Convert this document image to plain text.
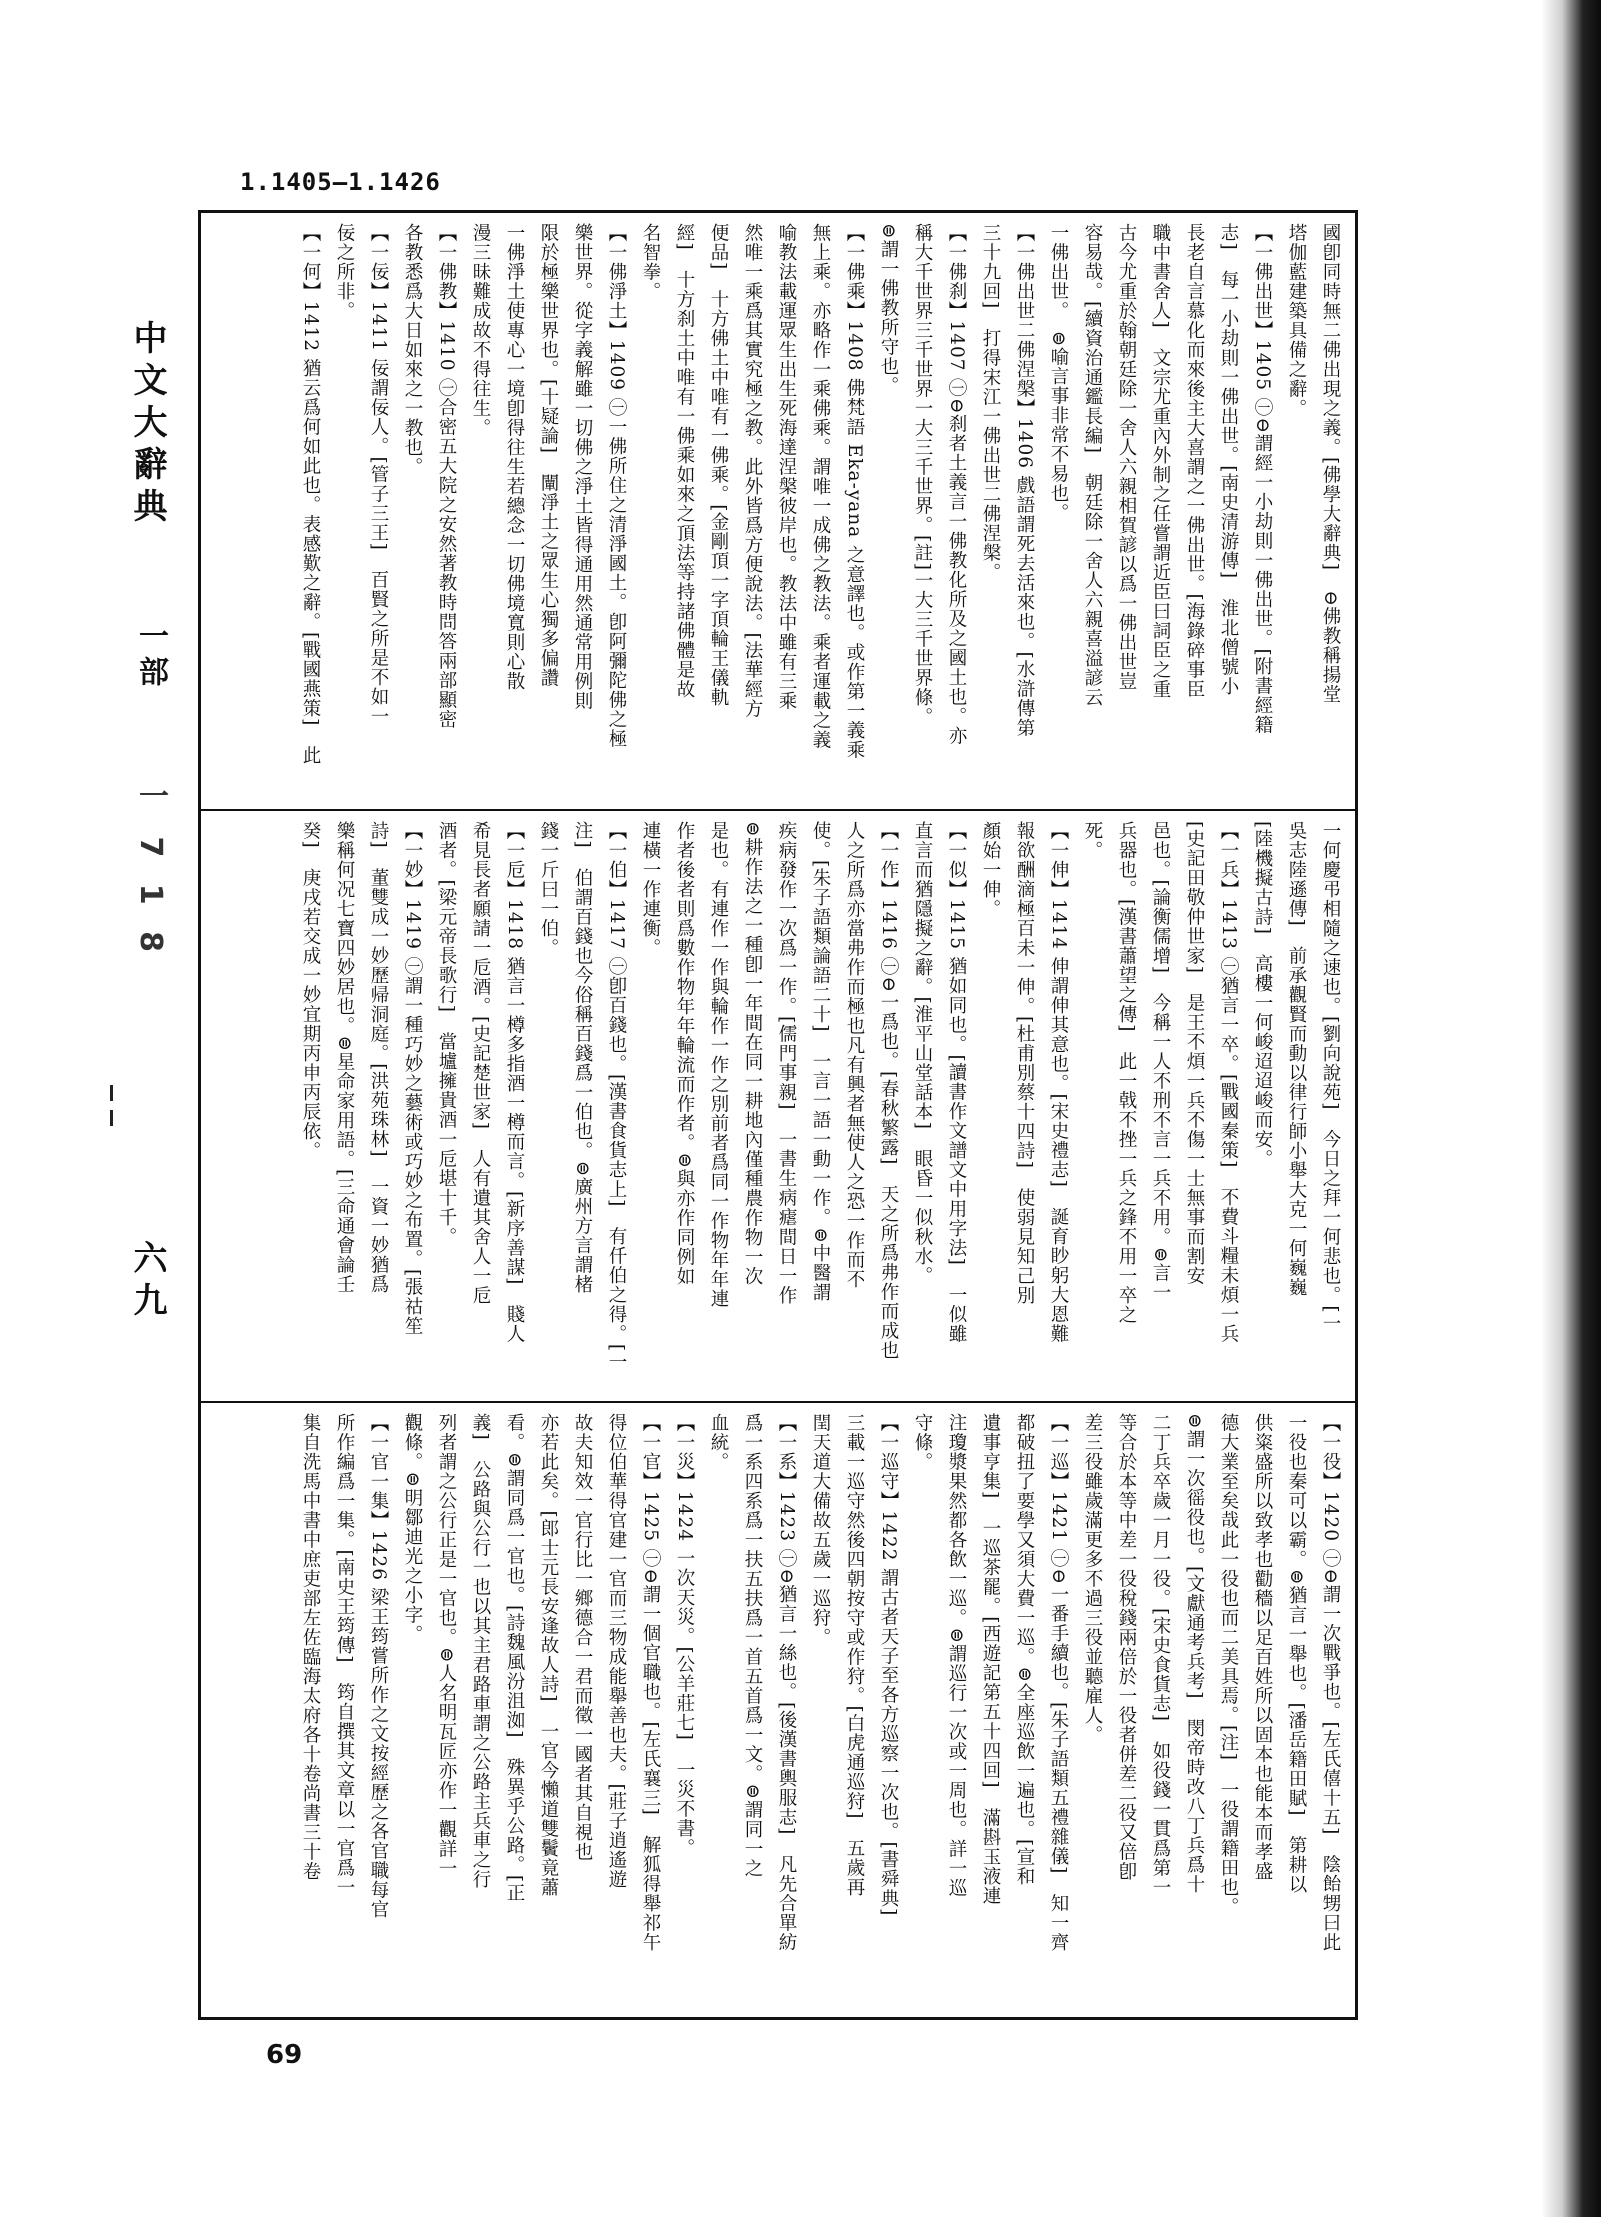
1.1405—1.1426
中文大辭典
一部
一 7 1 8
六九
國卽同時無二佛出現之義。[佛學大辭典]　⊖佛教稱揚堂
塔伽藍建築具備之辭。
【一佛出世】1405 ㊀⊖謂經一小劫則一佛出世。[附書經籍
志]　每一小劫則一佛出世。[南史清游傳]　淮北僧號小
長老自言慕化而來後主大喜謂之一佛出世。[海錄碎事臣
職中書舍人]　文宗尤重內外制之任嘗謂近臣曰詞臣之重
古今尤重於翰朝廷除一舍人六親相賀諺以爲一佛出世豈
容易哉。[續資治通鑑長編]　朝廷除一舍人六親喜溢諺云
一佛出世。　⊜喻言事非常不易也。
【一佛出世二佛涅槃】1406 戲語謂死去活來也。[水滸傳第
三十九回]　打得宋江一佛出世二佛涅槃。
【一佛刹】1407 ㊀⊖刹者土義言一佛教化所及之國土也。亦
稱大千世界三千世界一大三千世界。[註]一大三千世界條。
⊜謂一佛教所守也。
【一佛乘】1408 佛梵語 Eka-yana 之意譯也。或作第一義乘
無上乘。亦略作一乘佛乘。謂唯一成佛之教法。乘者運載之義
喻教法載運眾生出生死海達涅槃彼岸也。教法中雖有三乘
然唯一乘爲其實究極之教。此外皆爲方便說法。[法華經方
便品]　十方佛土中唯有一佛乘。[金剛頂一字頂輪王儀軌
經]　十方刹土中唯有一佛乘如來之頂法等持諸佛體是故
名智拳。
【一佛淨土】1409 ㊀一佛所住之清淨國土。卽阿彌陀佛之極
樂世界。從字義解雖一切佛之淨土皆得通用然通常用例則
限於極樂世界也。[十疑論]　闡淨土之眾生心獨多偏讚
一佛淨土使專心一境卽得往生若總念一切佛境寬則心散
漫三昧難成故不得往生。
【一佛教】1410 ㊀合密五大院之安然著教時問答兩部顯密
各教悉爲大日如來之一教也。
【一佞】1411 佞謂佞人。[管子三王]　百賢之所是不如一
佞之所非。
【一何】1412 猶云爲何如此也。表感歎之辭。[戰國燕策]　此
一何慶弔相隨之速也。[劉向說苑]　今日之拜一何悲也。[一
吳志陸遜傳]　前承觀賢而動以律行師小舉大克一何巍巍
[陸機擬古詩]　高樓一何峻迢迢峻而安。
【一兵】1413 ㊀猶言一卒。[戰國秦策]　不費斗糧未煩一兵
[史記田敬仲世家]　是王不煩一兵不傷一士無事而割安
邑也。[論衡儒增]　今稱一人不刑不言一兵不用。⊜言一
兵器也。[漢書蕭望之傳]　此一戟不挫一兵之鋒不用一卒之
死。
【一伸】1414 伸謂伸其意也。[宋史禮志]　誕育眇躬大恩難
報欲酬滴極百未一伸。[杜甫別蔡十四詩]　使弱見知己別
顏始一伸。
【一似】1415 猶如同也。[讀書作文譜文中用字法]　一似雖
直言而猶隱擬之辭。[淮平山堂話本]　眼昏一似秋水。
【一作】1416 ㊀⊖一爲也。[春秋繁露]　天之所爲弗作而成也
人之所爲亦當弗作而極也凡有興者無使人之恐一作而不
使。[朱子語類論語二十]　一言一語一動一作。⊜中醫謂
疾病發作一次爲一作。[儒門事親]　一書生病瘧間日一作
⊜耕作法之一種卽一年間在同一耕地內僅種農作物一次
是也。有連作一作與輪作一作之別前者爲同一作物年年連
作者後者則爲數作物年年輪流而作者。⊜與亦作同例如
連橫一作連衡。
【一伯】1417 ㊀卽百錢也。[漢書食貨志上]　有仟伯之得。[一
注]　伯謂百錢也今俗稱百錢爲一伯也。⊜廣州方言謂楮
錢一斤曰一伯。
【一卮】1418 猶言一樽多指酒一樽而言。[新序善謀]　賤人
希見長者願請一卮酒。[史記楚世家]　人有遺其舍人一卮
酒者。[梁元帝長歌行]　當壚擁貴酒一卮堪十千。
【一妙】1419 ㊀謂一種巧妙之藝術或巧妙之布置。[張祜笙
詩]　董雙成一妙歷帰洞庭。[洪苑珠林]　一資一妙猶爲
樂稱何况七寶四妙居也。⊜星命家用語。[三命通會論壬
癸]　庚戌若交成一妙宜期丙申丙辰依。
【一役】1420 ㊀⊖謂一次戰爭也。[左氏僖十五]　陰飴甥曰此
一役也秦可以霸。⊜猶言一舉也。[潘岳籍田賦]　第耕以
供粢盛所以致孝也勸穡以足百姓所以固本也能本而孝盛
德大業至矣哉此一役也而二美具焉。[注]　一役謂籍田也。
⊜謂一次徭役也。[文獻通考兵考]　閔帝時改八丁兵爲十
二丁兵卒歲一月一役。[宋史食貨志]　如役錢一貫爲第一
等合於本等中差一役稅錢兩倍於一役者併差二役又倍卽
差三役雖歲滿更多不過三役並聽雇人。
【一巡】1421 ㊀⊖一番手續也。[朱子語類五禮雜儀]　知一齊
都破扭了要學又須大費一巡。⊜全座巡飲一遍也。[宣和
遺事亨集]　一巡茶罷。[西遊記第五十四回]　滿斟玉液連
注瓊漿果然都各飲一巡。⊜謂巡行一次或一周也。詳一巡
守條。
【一巡守】1422 謂古者天子至各方巡察一次也。[書舜典]
三載一巡守然後四朝按守或作狩。[白虎通巡狩]　五歲再
閏天道大備故五歲一巡狩。
【一系】1423 ㊀⊖猶言一絲也。[後漢書輿服志]　凡先合單紡
爲一系四系爲一扶五扶爲一首五首爲一文。⊜謂同一之
血統。
【一災】1424 一次天災。[公羊莊七]　一災不書。
【一官】1425 ㊀⊖謂一個官職也。[左氏襄三]　解狐得舉祁午
得位伯華得官建一官而三物成能舉善也夫。[莊子逍遙遊
故夫知效一官行比一鄉德合一君而徵一國者其自視也
亦若此矣。[郎士元長安逢故人詩]　一官今懶道雙鬢竟蕭
看。⊜謂同爲一官也。[詩魏風汾沮洳]　殊異乎公路。[正
義]　公路與公行一也以其主君路車謂之公路主兵車之行
列者謂之公行正是一官也。⊜人名明瓦匠亦作一觀詳一
觀條。⊜明鄒迪光之小字。
【一官一集】1426 梁王筠嘗所作之文按經歷之各官職每官
所作編爲一集。[南史王筠傳]　筠自撰其文章以一官爲一
集自洗馬中書中庶吏部左佐臨海太府各十卷尚書三十卷
69
